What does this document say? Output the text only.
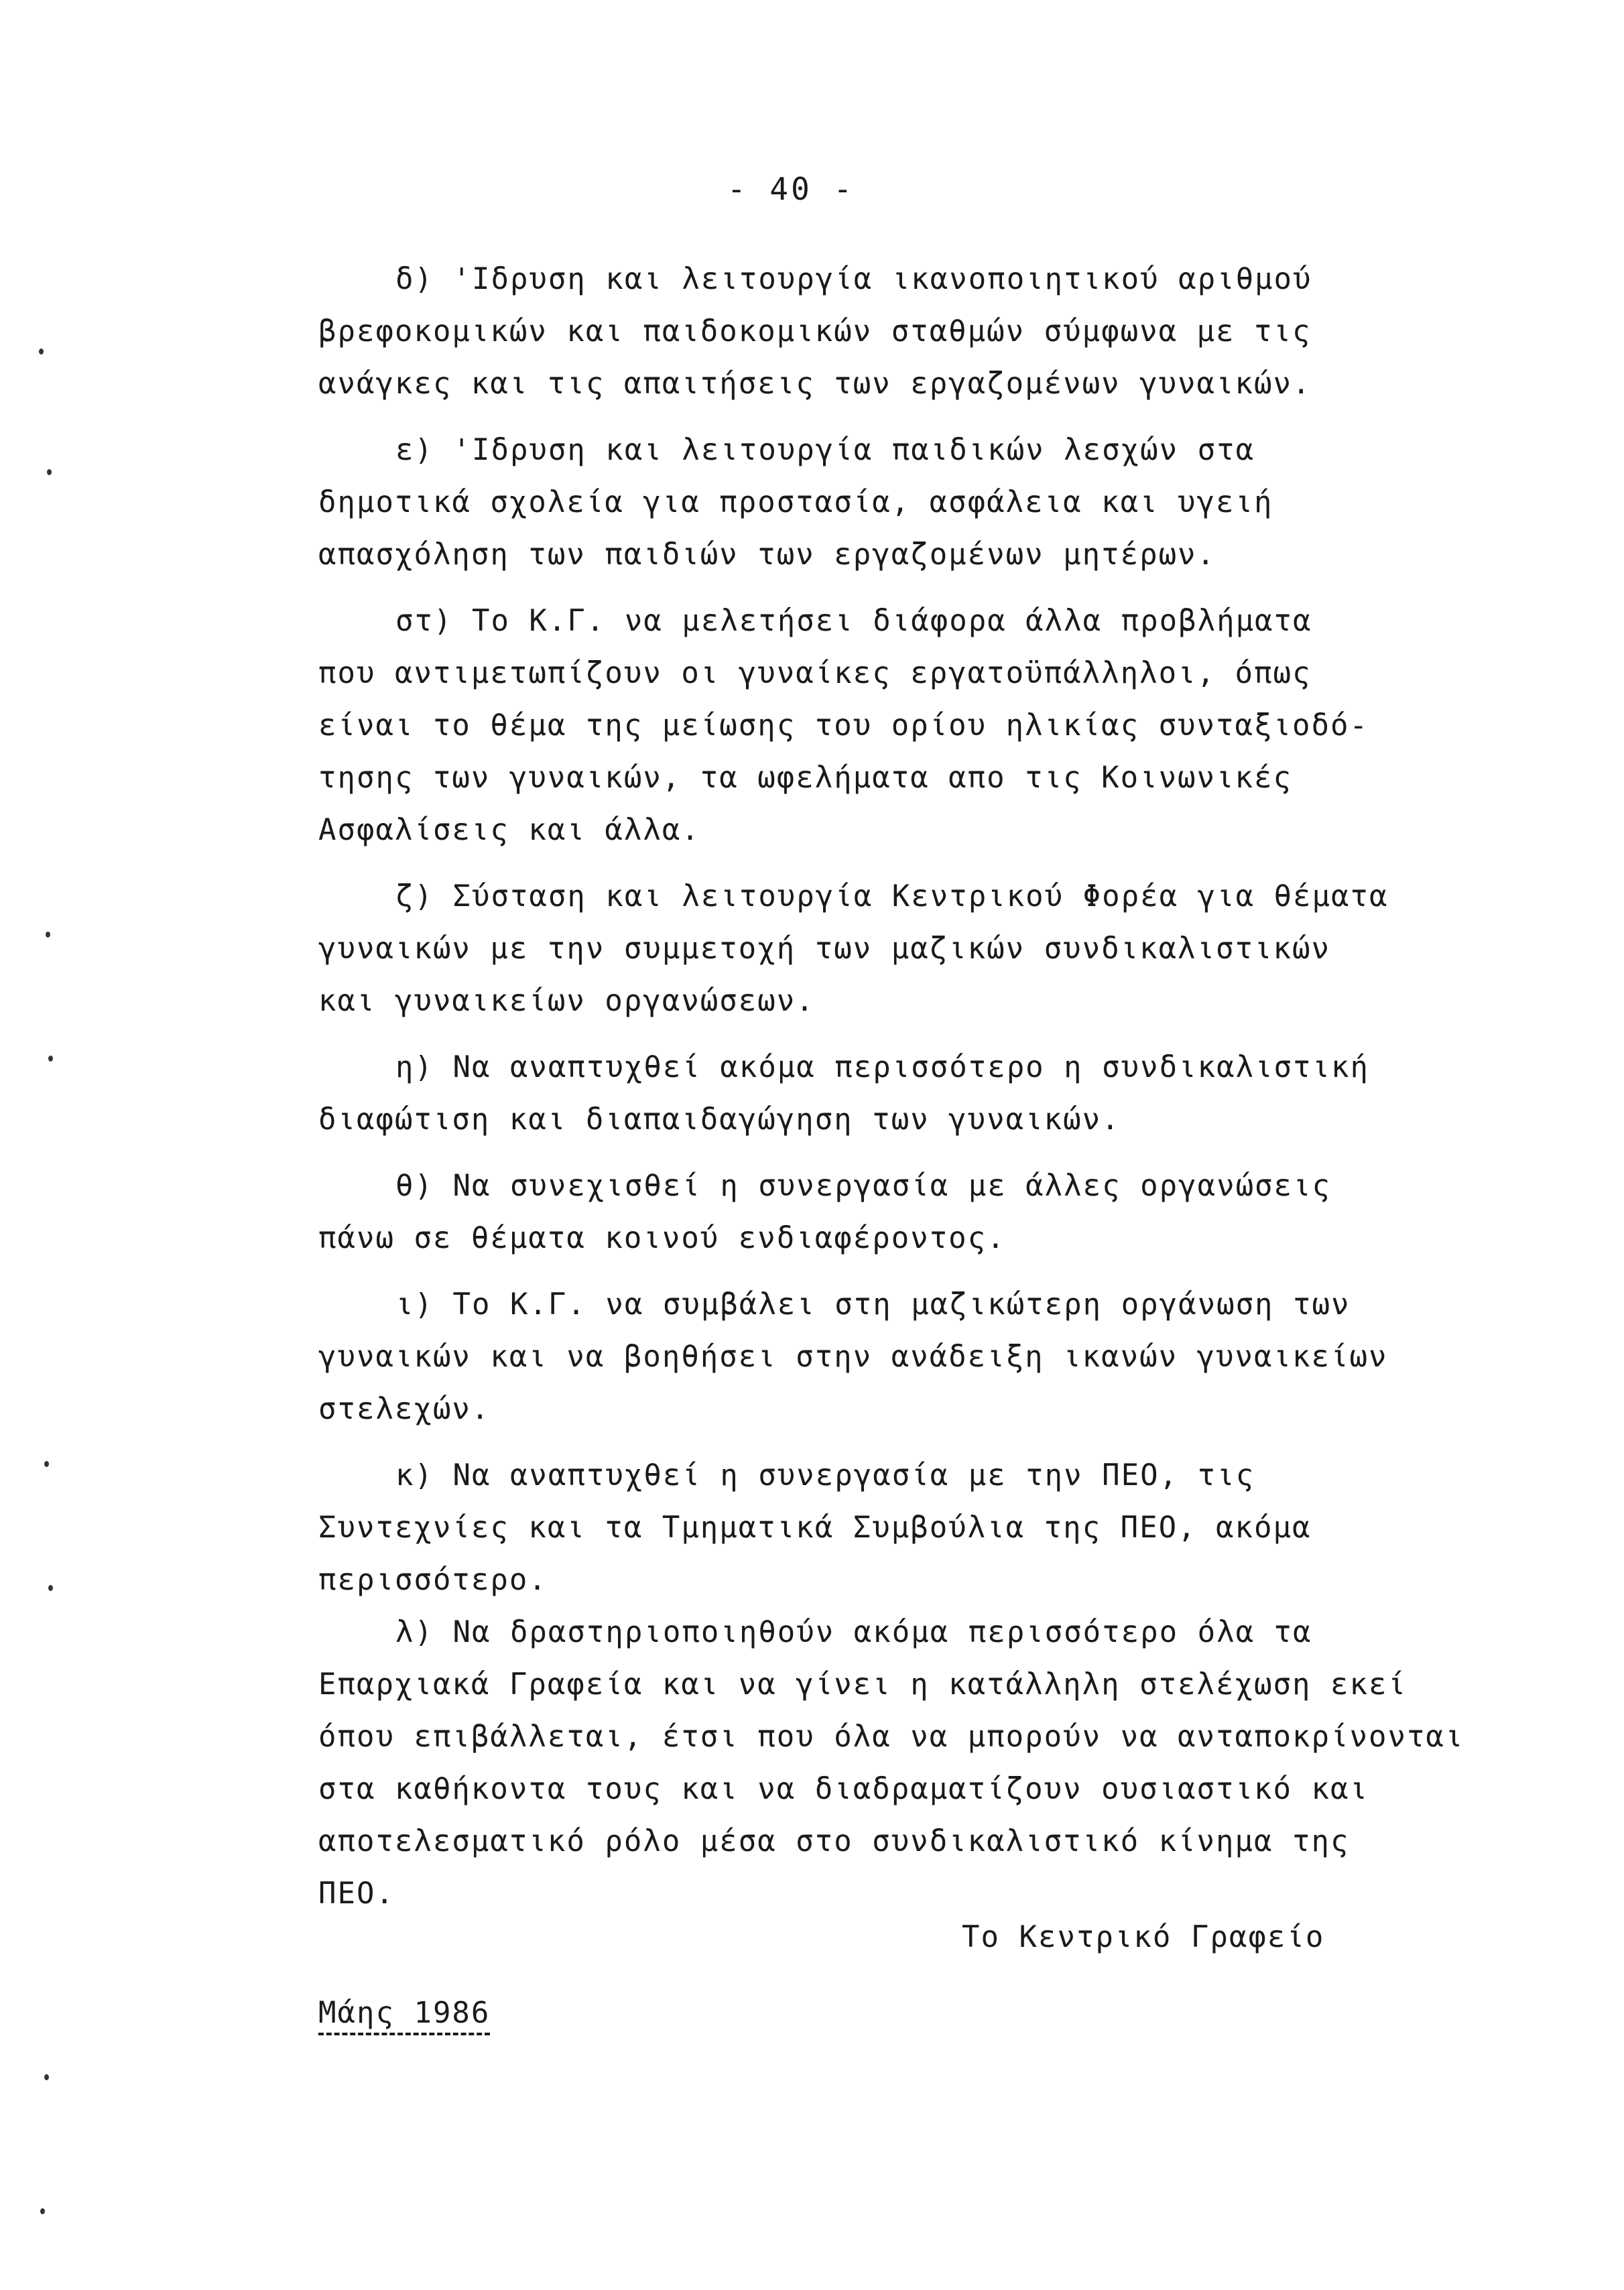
- 40 -
δ) 'Ιδρυση και λειτουργία ικανοποιητικού αριθμού
βρεφοκομικών και παιδοκομικών σταθμών σύμφωνα με τις
ανάγκες και τις απαιτήσεις των εργαζομένων γυναικών.
ε) 'Ιδρυση και λειτουργία παιδικών λεσχών στα
δημοτικά σχολεία για προστασία, ασφάλεια και υγειή
απασχόληση των παιδιών των εργαζομένων μητέρων.
στ) Το Κ.Γ. να μελετήσει διάφορα άλλα προβλήματα
που αντιμετωπίζουν οι γυναίκες εργατοϋπάλληλοι, όπως
είναι το θέμα της μείωσης του ορίου ηλικίας συνταξιοδό-
τησης των γυναικών, τα ωφελήματα απο τις Κοινωνικές
Ασφαλίσεις και άλλα.
ζ) Σύσταση και λειτουργία Κεντρικού Φορέα για θέματα
γυναικών με την συμμετοχή των μαζικών συνδικαλιστικών
και γυναικείων οργανώσεων.
η) Να αναπτυχθεί ακόμα περισσότερο η συνδικαλιστική
διαφώτιση και διαπαιδαγώγηση των γυναικών.
θ) Να συνεχισθεί η συνεργασία με άλλες οργανώσεις
πάνω σε θέματα κοινού ενδιαφέροντος.
ι) Το Κ.Γ. να συμβάλει στη μαζικώτερη οργάνωση των
γυναικών και να βοηθήσει στην ανάδειξη ικανών γυναικείων
στελεχών.
κ) Να αναπτυχθεί η συνεργασία με την ΠΕΟ, τις
Συντεχνίες και τα Τμηματικά Συμβούλια της ΠΕΟ, ακόμα
περισσότερο.
λ) Να δραστηριοποιηθούν ακόμα περισσότερο όλα τα
Επαρχιακά Γραφεία και να γίνει η κατάλληλη στελέχωση εκεί
όπου επιβάλλεται, έτσι που όλα να μπορούν να ανταποκρίνονται
στα καθήκοντα τους και να διαδραματίζουν ουσιαστικό και
αποτελεσματικό ρόλο μέσα στο συνδικαλιστικό κίνημα της
ΠΕΟ.
Το Κεντρικό Γραφείο
Μάης 1986
